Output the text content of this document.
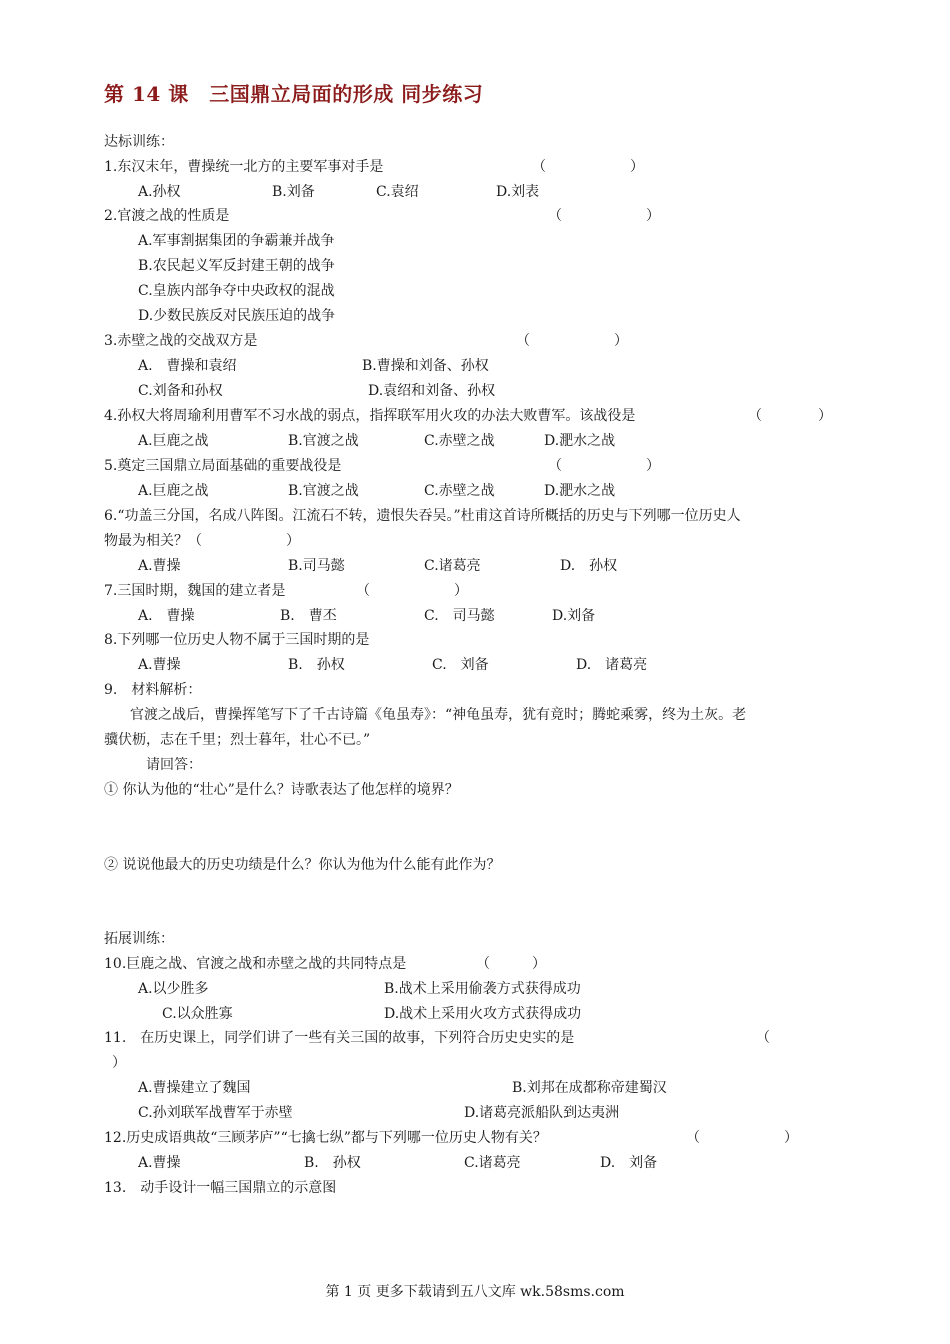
第 14 课　三国鼎立局面的形成 同步练习
达标训练：
1.东汉末年，曹操统一北方的主要军事对手是	（　　　　　　）
A.孙权	B.刘备	C.袁绍	D.刘表
2.官渡之战的性质是	（　　　　　　）
A.军事割据集团的争霸兼并战争
B.农民起义军反封建王朝的战争
C.皇族内部争夺中央政权的混战
D.少数民族反对民族压迫的战争
3.赤壁之战的交战双方是	（　　　　　　）
A.　曹操和袁绍	B.曹操和刘备、孙权
C.刘备和孙权	D.袁绍和刘备、孙权
4.孙权大将周瑜利用曹军不习水战的弱点，指挥联军用火攻的办法大败曹军。该战役是	（　　　　）
A.巨鹿之战	B.官渡之战	C.赤壁之战	D.淝水之战
5.奠定三国鼎立局面基础的重要战役是	（　　　　　　）
A.巨鹿之战	B.官渡之战	C.赤壁之战	D.淝水之战
6.“功盖三分国，名成八阵图。江流石不转，遗恨失吞吴。”杜甫这首诗所概括的历史与下列哪一位历史人
物最为相关？（　　　　　　）
A.曹操	B.司马懿	C.诸葛亮	D.　孙权
7.三国时期，魏国的建立者是	（　　　　　　）
A.　曹操	B.　曹丕	C.　司马懿	D.刘备
8.下列哪一位历史人物不属于三国时期的是
A.曹操	B.　孙权	C.　刘备	D.　诸葛亮
9.　材料解析：
官渡之战后，曹操挥笔写下了千古诗篇《龟虽寿》：“神龟虽寿，犹有竟时；腾蛇乘雾，终为土灰。老
骥伏枥，志在千里；烈士暮年，壮心不已。”
请回答：
① 你认为他的“壮心”是什么？诗歌表达了他怎样的境界？
② 说说他最大的历史功绩是什么？你认为他为什么能有此作为？
拓展训练：
10.巨鹿之战、官渡之战和赤壁之战的共同特点是	（　　　）
A.以少胜多	B.战术上采用偷袭方式获得成功
C.以众胜寡	D.战术上采用火攻方式获得成功
11.　在历史课上，同学们讲了一些有关三国的故事，下列符合历史史实的是	（
）
A.曹操建立了魏国	B.刘邦在成都称帝建蜀汉
C.孙刘联军战曹军于赤壁	D.诸葛亮派船队到达夷洲
12.历史成语典故“三顾茅庐”“七擒七纵”都与下列哪一位历史人物有关？	（　　　　　　）
A.曹操	B.　孙权	C.诸葛亮	D.　刘备
13.　动手设计一幅三国鼎立的示意图
第 1 页 更多下载请到五八文库 wk.58sms.com
